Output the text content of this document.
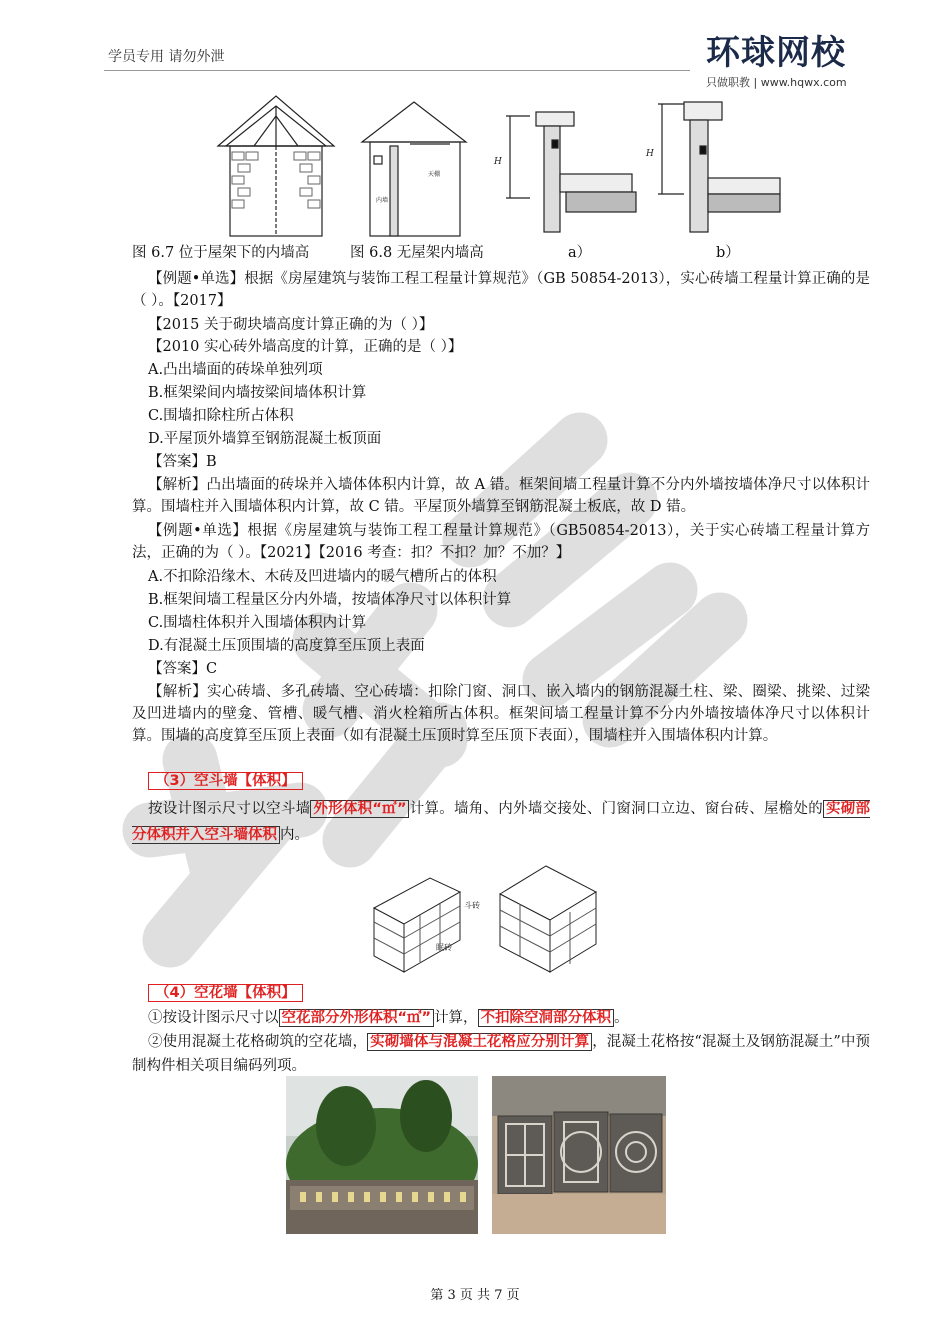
学员专用 请勿外泄	环球网校
只做职教 | www.hqwx.com
天棚
内墙
H
H
图 6.7 位于屋架下的内墙高	图 6.8 无屋架内墙高	a）	b）
【例题•单选】根据《房屋建筑与装饰工程工程量计算规范》（GB 50854-2013），实心砖墙工程量计算正确的是（ ）。【2017】
【2015 关于砌块墙高度计算正确的为（ ）】
【2010 实心砖外墙高度的计算，正确的是（ ）】
A.凸出墙面的砖垛单独列项
B.框架梁间内墙按梁间墙体积计算
C.围墙扣除柱所占体积
D.平屋顶外墙算至钢筋混凝土板顶面
【答案】B
【解析】凸出墙面的砖垛并入墙体体积内计算，故 A 错。框架间墙工程量计算不分内外墙按墙体净尺寸以体积计算。围墙柱并入围墙体积内计算，故 C 错。平屋顶外墙算至钢筋混凝土板底，故 D 错。
【例题•单选】根据《房屋建筑与装饰工程工程量计算规范》（GB50854-2013），关于实心砖墙工程量计算方法，正确的为（ ）。【2021】【2016 考查：扣？不扣？加？不加？】
A.不扣除沿缘木、木砖及凹进墙内的暖气槽所占的体积
B.框架间墙工程量区分内外墙，按墙体净尺寸以体积计算
C.围墙柱体积并入围墙体积内计算
D.有混凝土压顶围墙的高度算至压顶上表面
【答案】C
【解析】实心砖墙、多孔砖墙、空心砖墙：扣除门窗、洞口、嵌入墙内的钢筋混凝土柱、梁、圈梁、挑梁、过梁及凹进墙内的壁龛、管槽、暖气槽、消火栓箱所占体积。框架间墙工程量计算不分内外墙按墙体净尺寸以体积计算。围墙的高度算至压顶上表面（如有混凝土压顶时算至压顶下表面），围墙柱并入围墙体积内计算。
（3）空斗墙【体积】
按设计图示尺寸以空斗墙 外形体积“㎥” 计算。墙角、内外墙交接处、门窗洞口立边、窗台砖、屋檐处的 实砌部分体积并入空斗墙体积 内。
斗砖
眠砖
（4）空花墙【体积】
①按设计图示尺寸以 空花部分外形体积“㎥” 计算， 不扣除空洞部分体积 。
②使用混凝土花格砌筑的空花墙， 实砌墙体与混凝土花格应分别计算 ，混凝土花格按“混凝土及钢筋混凝土”中预制构件相关项目编码列项。
第 3 页 共 7 页
